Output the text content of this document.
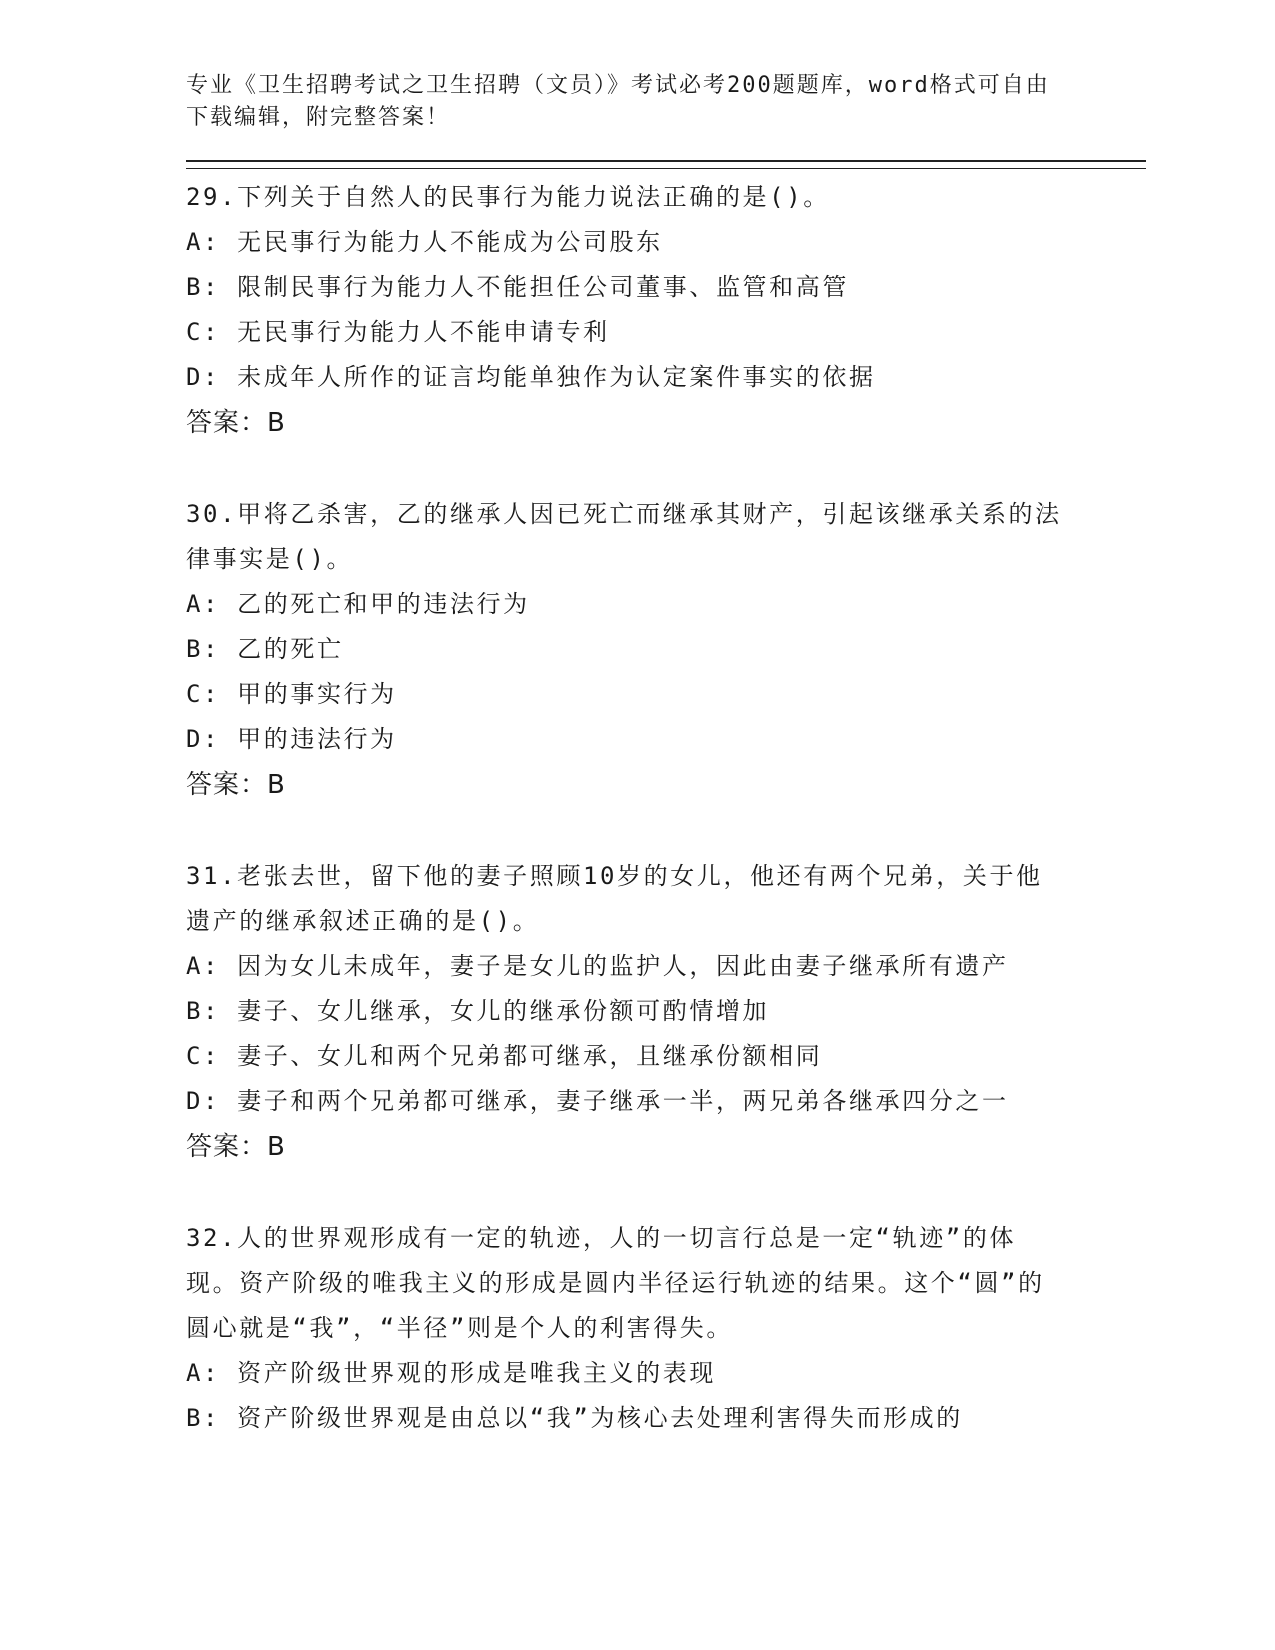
专业《卫生招聘考试之卫生招聘（文员）》考试必考200题题库，word格式可自由下载编辑，附完整答案！
29.下列关于自然人的民事行为能力说法正确的是()。
A: 无民事行为能力人不能成为公司股东
B: 限制民事行为能力人不能担任公司董事、监管和高管
C: 无民事行为能力人不能申请专利
D: 未成年人所作的证言均能单独作为认定案件事实的依据
答案：B
30.甲将乙杀害，乙的继承人因已死亡而继承其财产，引起该继承关系的法律事实是()。
A: 乙的死亡和甲的违法行为
B: 乙的死亡
C: 甲的事实行为
D: 甲的违法行为
答案：B
31.老张去世，留下他的妻子照顾10岁的女儿，他还有两个兄弟，关于他遗产的继承叙述正确的是()。
A: 因为女儿未成年，妻子是女儿的监护人，因此由妻子继承所有遗产
B: 妻子、女儿继承，女儿的继承份额可酌情增加
C: 妻子、女儿和两个兄弟都可继承，且继承份额相同
D: 妻子和两个兄弟都可继承，妻子继承一半，两兄弟各继承四分之一
答案：B
32.人的世界观形成有一定的轨迹，人的一切言行总是一定“轨迹”的体现。资产阶级的唯我主义的形成是圆内半径运行轨迹的结果。这个“圆”的圆心就是“我”，“半径”则是个人的利害得失。
A: 资产阶级世界观的形成是唯我主义的表现
B: 资产阶级世界观是由总以“我”为核心去处理利害得失而形成的
